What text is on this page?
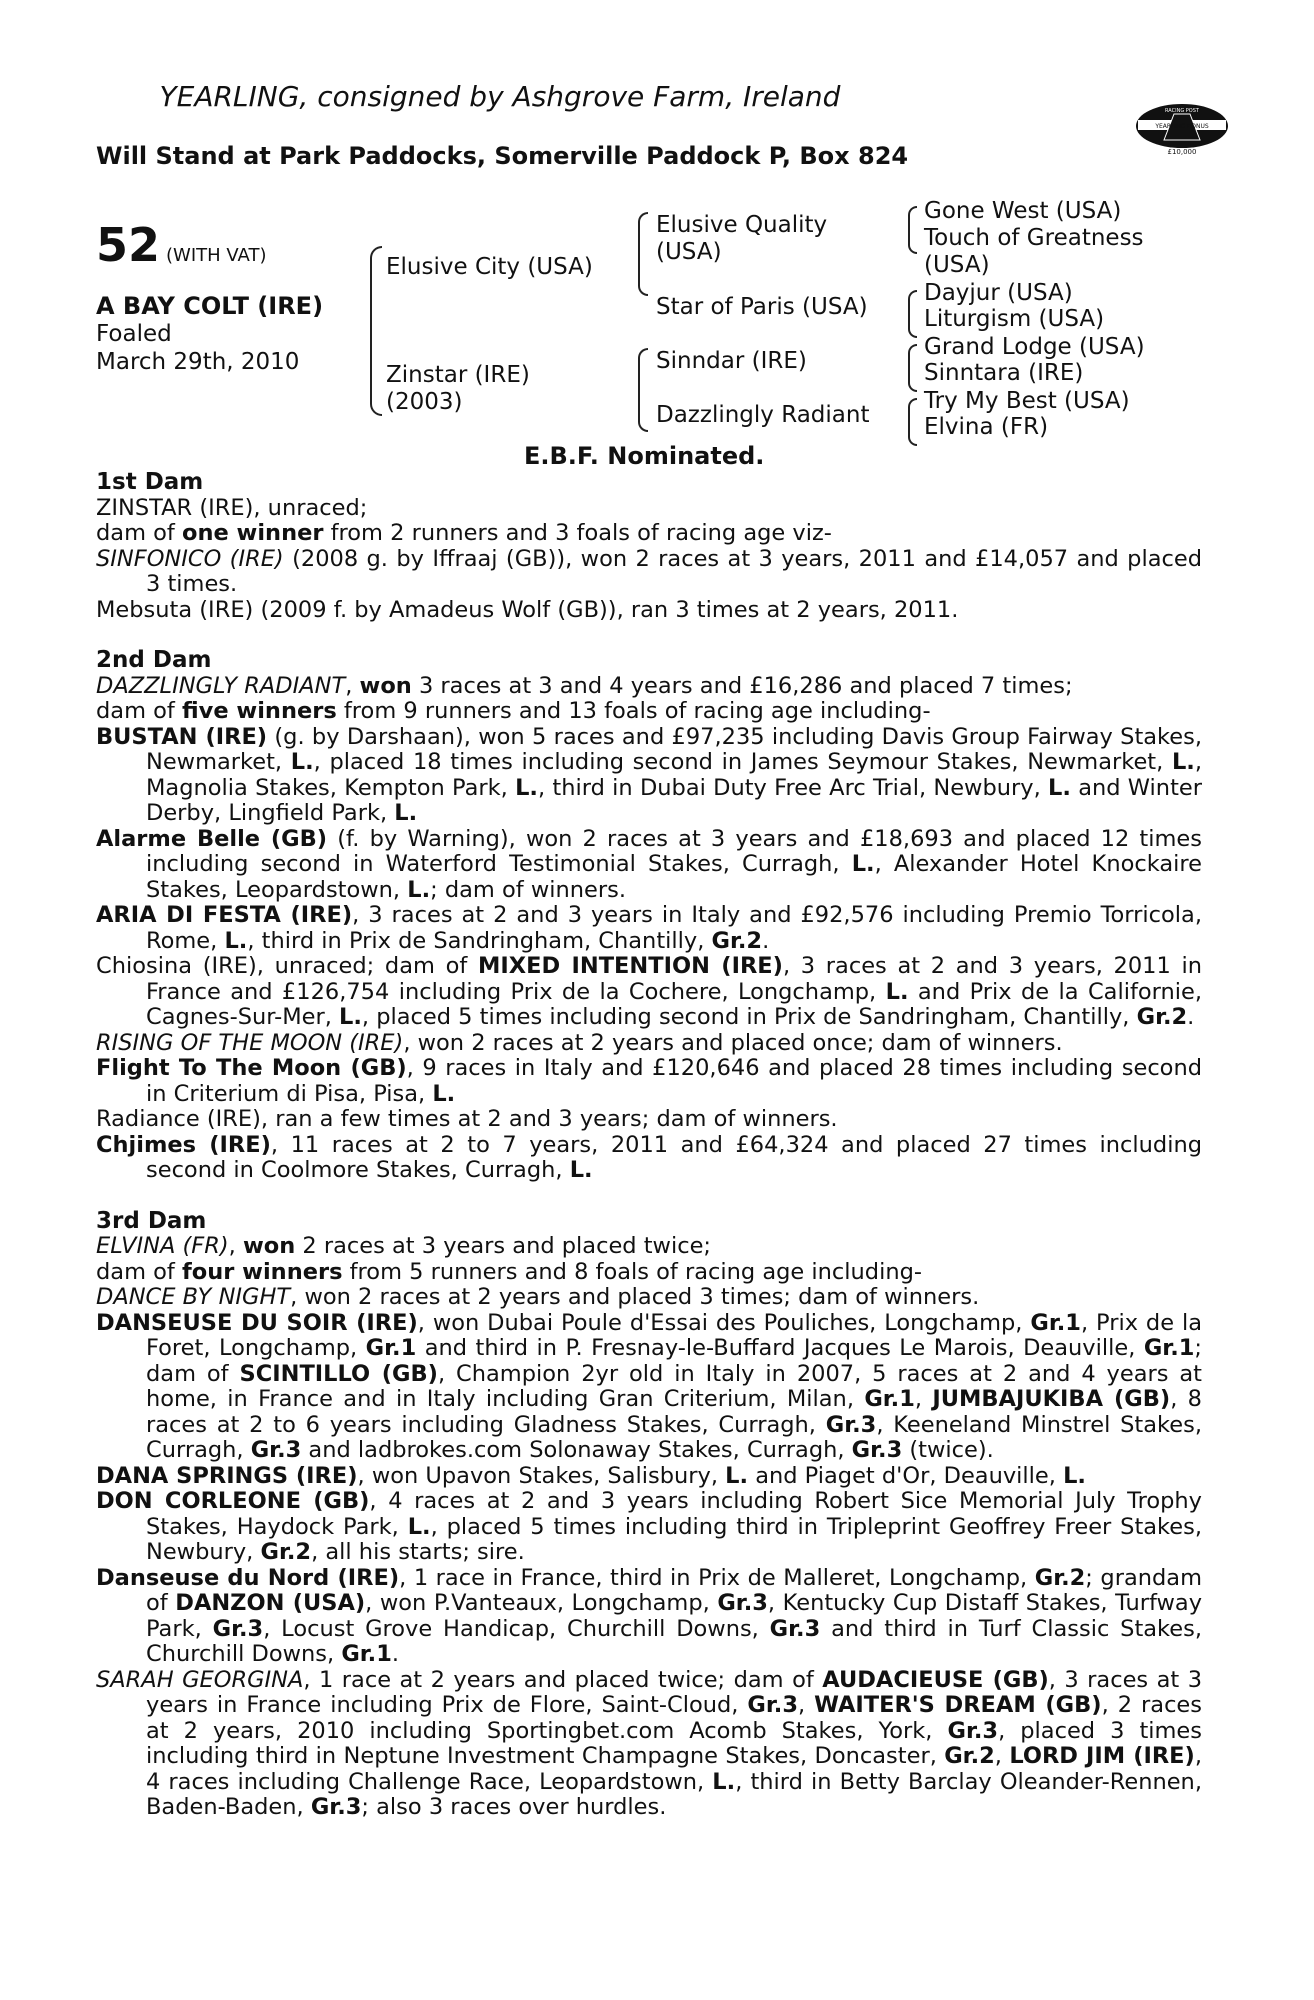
YEARLING, consigned by Ashgrove Farm, Ireland
Will Stand at Park Paddocks, Somerville Paddock P, Box 824
RACING POST
YEARLING BONUS
£10,000
52 (WITH VAT)
A BAY COLT (IRE)
Foaled
March 29th, 2010
Elusive City (USA)
Zinstar (IRE)
(2003)
Elusive Quality
(USA)
Star of Paris (USA)
Sinndar (IRE)
Dazzlingly Radiant
Gone West (USA)
Touch of Greatness
(USA)
Dayjur (USA)
Liturgism (USA)
Grand Lodge (USA)
Sinntara (IRE)
Try My Best (USA)
Elvina (FR)
E.B.F. Nominated.

1st Dam

ZINSTAR (IRE), unraced;

dam of one winner from 2 runners and 3 foals of racing age viz-

SINFONICO (IRE) (2008 g. by Iffraaj (GB)), won 2 races at 3 years, 2011 and £14,057 and placed 3 times.

Mebsuta (IRE) (2009 f. by Amadeus Wolf (GB)), ran 3 times at 2 years, 2011.

2nd Dam

DAZZLINGLY RADIANT, won 3 races at 3 and 4 years and £16,286 and placed 7 times;

dam of five winners from 9 runners and 13 foals of racing age including-

BUSTAN (IRE) (g. by Darshaan), won 5 races and £97,235 including Davis Group Fairway Stakes, Newmarket, L., placed 18 times including second in James Seymour Stakes, Newmarket, L., Magnolia Stakes, Kempton Park, L., third in Dubai Duty Free Arc Trial, Newbury, L. and Winter Derby, Lingfield Park, L.

Alarme Belle (GB) (f. by Warning), won 2 races at 3 years and £18,693 and placed 12 times including second in Waterford Testimonial Stakes, Curragh, L., Alexander Hotel Knockaire Stakes, Leopardstown, L.; dam of winners.

ARIA DI FESTA (IRE), 3 races at 2 and 3 years in Italy and £92,576 including Premio Torricola, Rome, L., third in Prix de Sandringham, Chantilly, Gr.2.

Chiosina (IRE), unraced; dam of MIXED INTENTION (IRE), 3 races at 2 and 3 years, 2011 in France and £126,754 including Prix de la Cochere, Longchamp, L. and Prix de la Californie, Cagnes-Sur-Mer, L., placed 5 times including second in Prix de Sandringham, Chantilly, Gr.2.

RISING OF THE MOON (IRE), won 2 races at 2 years and placed once; dam of winners.

Flight To The Moon (GB), 9 races in Italy and £120,646 and placed 28 times including second in Criterium di Pisa, Pisa, L.

Radiance (IRE), ran a few times at 2 and 3 years; dam of winners.

Chjimes (IRE), 11 races at 2 to 7 years, 2011 and £64,324 and placed 27 times including second in Coolmore Stakes, Curragh, L.

3rd Dam

ELVINA (FR), won 2 races at 3 years and placed twice;

dam of four winners from 5 runners and 8 foals of racing age including-

DANCE BY NIGHT, won 2 races at 2 years and placed 3 times; dam of winners.

DANSEUSE DU SOIR (IRE), won Dubai Poule d'Essai des Pouliches, Longchamp, Gr.1, Prix de la Foret, Longchamp, Gr.1 and third in P. Fresnay-le-Buffard Jacques Le Marois, Deauville, Gr.1; dam of SCINTILLO (GB), Champion 2yr old in Italy in 2007, 5 races at 2 and 4 years at home, in France and in Italy including Gran Criterium, Milan, Gr.1, JUMBAJUKIBA (GB), 8 races at 2 to 6 years including Gladness Stakes, Curragh, Gr.3, Keeneland Minstrel Stakes, Curragh, Gr.3 and ladbrokes.com Solonaway Stakes, Curragh, Gr.3 (twice).

DANA SPRINGS (IRE), won Upavon Stakes, Salisbury, L. and Piaget d'Or, Deauville, L.

DON CORLEONE (GB), 4 races at 2 and 3 years including Robert Sice Memorial July Trophy Stakes, Haydock Park, L., placed 5 times including third in Tripleprint Geoffrey Freer Stakes, Newbury, Gr.2, all his starts; sire.

Danseuse du Nord (IRE), 1 race in France, third in Prix de Malleret, Longchamp, Gr.2; grandam of DANZON (USA), won P.Vanteaux, Longchamp, Gr.3, Kentucky Cup Distaff Stakes, Turfway Park, Gr.3, Locust Grove Handicap, Churchill Downs, Gr.3 and third in Turf Classic Stakes, Churchill Downs, Gr.1.

SARAH GEORGINA, 1 race at 2 years and placed twice; dam of AUDACIEUSE (GB), 3 races at 3 years in France including Prix de Flore, Saint-Cloud, Gr.3, WAITER'S DREAM (GB), 2 races at 2 years, 2010 including Sportingbet.com Acomb Stakes, York, Gr.3, placed 3 times including third in Neptune Investment Champagne Stakes, Doncaster, Gr.2, LORD JIM (IRE), 4 races including Challenge Race, Leopardstown, L., third in Betty Barclay Oleander-Rennen, Baden-Baden, Gr.3; also 3 races over hurdles.
